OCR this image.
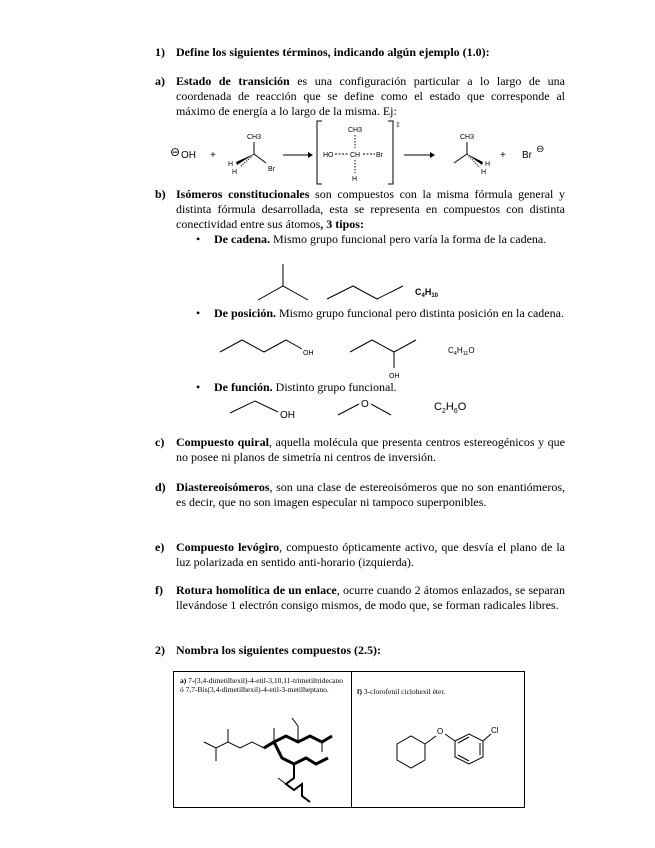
1) Define los siguientes términos, indicando algún ejemplo (1.0):
a) Estado de transición es una configuración particular a lo largo de una coordenada de reacción que se define como el estado que corresponde al máximo de energía a lo largo de la misma. Ej:
⊖ OH +
CH3
H
H	Br
‡
CH3
HO CH Br
H
CH3
H
H
+ Br
⊖
b) Isómeros constitucionales son compuestos con la misma fórmula general y distinta fórmula desarrollada, esta se representa en compuestos con distinta conectividad entre sus átomos, 3 tipos:
• De cadena. Mismo grupo funcional pero varía la forma de la cadena.
$C_4H_{10}$
• De posición. Mismo grupo funcional pero distinta posición en la cadena.
OH
OH
$C_4H_{11}O$
• De función. Distinto grupo funcional.
OH
O	$C_2H_6O$
c) Compuesto quiral, aquella molécula que presenta centros estereogénicos y que no posee ni planos de simetría ni centros de inversión.
d) Diastereoisómeros, son una clase de estereoisómeros que no son enantiómeros, es decir, que no son imagen especular ni tampoco superponibles.
e) Compuesto levógiro, compuesto ópticamente activo, que desvía el plano de la luz polarizada en sentido anti-horario (izquierda).
f) Rotura homolítica de un enlace, ocurre cuando 2 átomos enlazados, se separan llevándose 1 electrón consigo mismos, de modo que, se forman radicales libres.
2) Nombra los siguientes compuestos (2.5):
a) 7-(3,4-dimetilhexil)-4-etil-3,10,11-trimetiltridecano ó 7,7-Bis(3,4-dimetilhexil)-4-etil-3-metilheptano.	f) 3-clorofenil ciclohexil éter.
O	Cl
